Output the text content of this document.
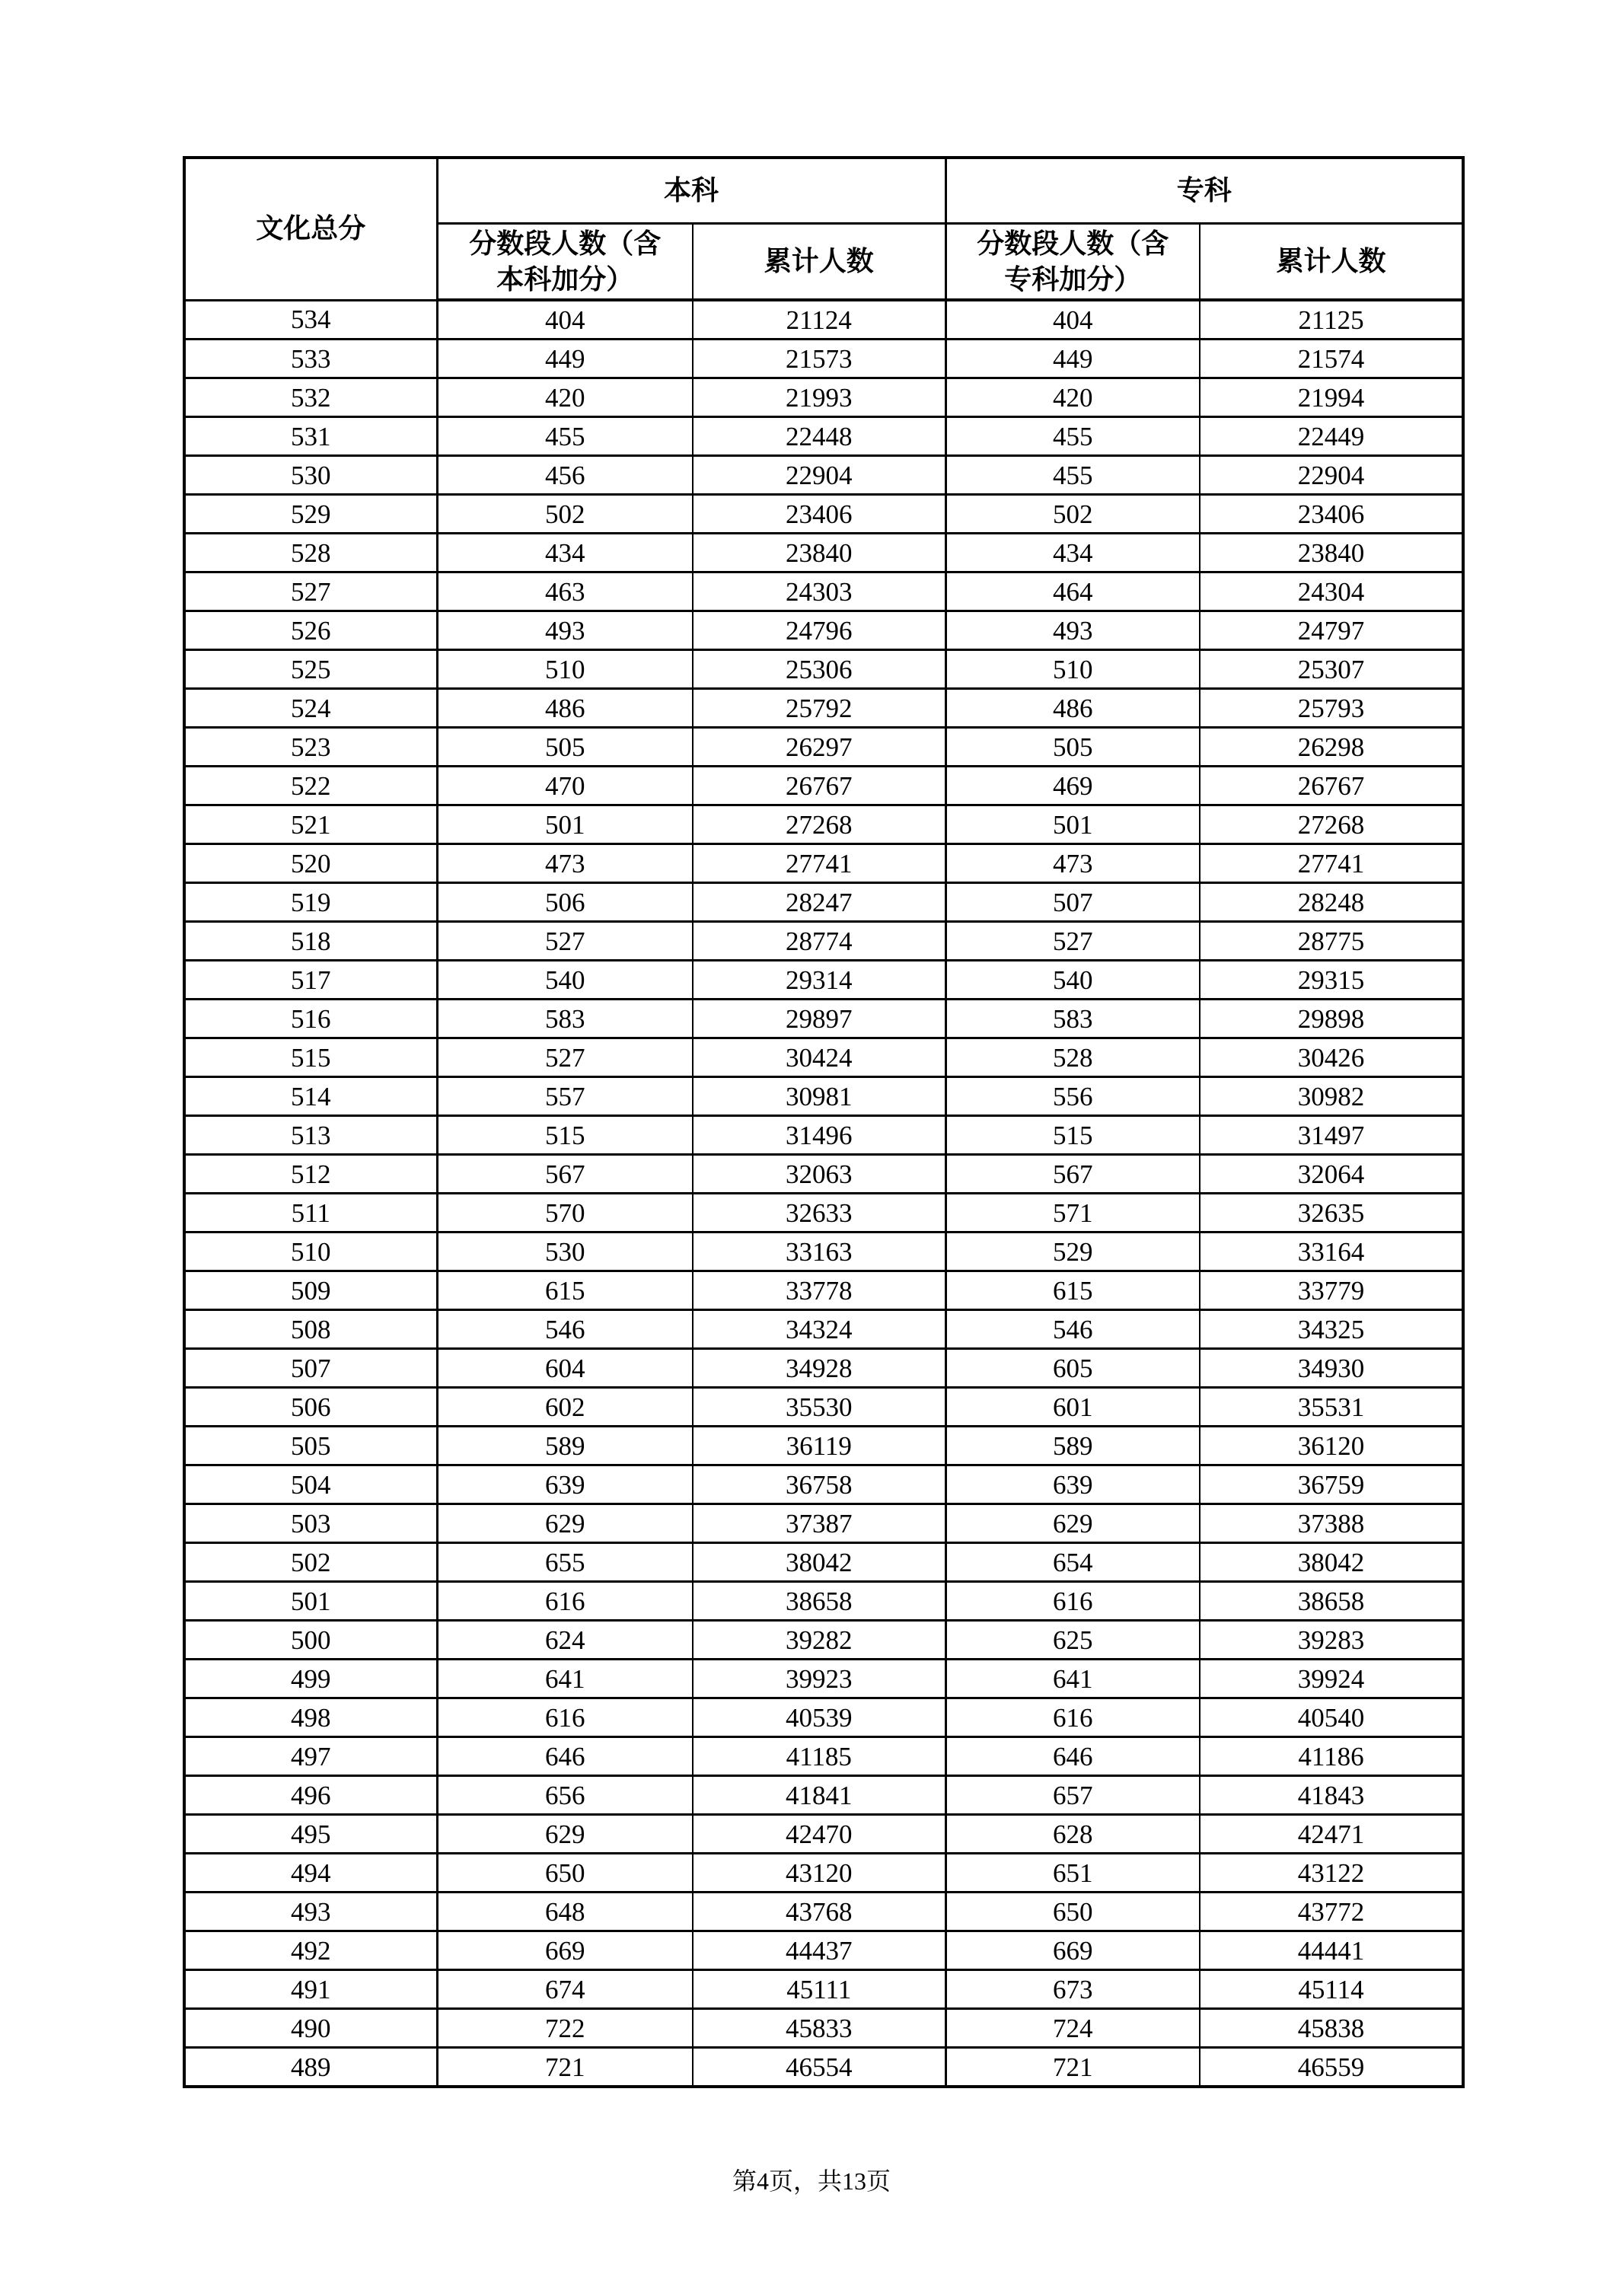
文化总分	本科		专科	
	分数段人数（含本科加分）	累计人数	分数段人数（含专科加分）	累计人数
534	404	21124	404	21125
533	449	21573	449	21574
532	420	21993	420	21994
531	455	22448	455	22449
530	456	22904	455	22904
529	502	23406	502	23406
528	434	23840	434	23840
527	463	24303	464	24304
526	493	24796	493	24797
525	510	25306	510	25307
524	486	25792	486	25793
523	505	26297	505	26298
522	470	26767	469	26767
521	501	27268	501	27268
520	473	27741	473	27741
519	506	28247	507	28248
518	527	28774	527	28775
517	540	29314	540	29315
516	583	29897	583	29898
515	527	30424	528	30426
514	557	30981	556	30982
513	515	31496	515	31497
512	567	32063	567	32064
511	570	32633	571	32635
510	530	33163	529	33164
509	615	33778	615	33779
508	546	34324	546	34325
507	604	34928	605	34930
506	602	35530	601	35531
505	589	36119	589	36120
504	639	36758	639	36759
503	629	37387	629	37388
502	655	38042	654	38042
501	616	38658	616	38658
500	624	39282	625	39283
499	641	39923	641	39924
498	616	40539	616	40540
497	646	41185	646	41186
496	656	41841	657	41843
495	629	42470	628	42471
494	650	43120	651	43122
493	648	43768	650	43772
492	669	44437	669	44441
491	674	45111	673	45114
490	722	45833	724	45838
489	721	46554	721	46559
第4页，共13页
